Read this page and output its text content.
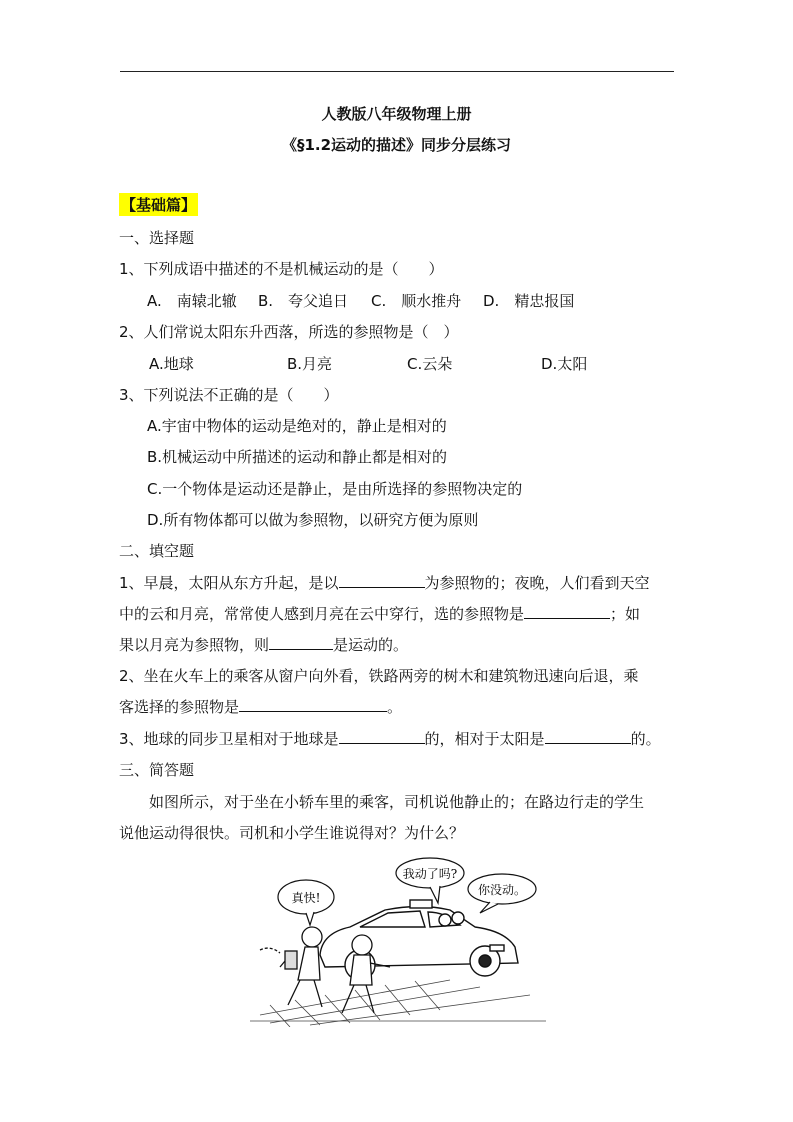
人教版八年级物理上册
《§1.2运动的描述》同步分层练习
【基础篇】
一、选择题
1、下列成语中描述的不是机械运动的是（　　）
A.　南辕北辙 B.　夸父追日 C.　顺水推舟 D.　精忠报国
2、人们常说太阳东升西落，所选的参照物是（　）
A.地球	B.月亮	C.云朵	D.太阳
3、下列说法不正确的是（　　）
A.宇宙中物体的运动是绝对的，静止是相对的
B.机械运动中所描述的运动和静止都是相对的
C.一个物体是运动还是静止，是由所选择的参照物决定的
D.所有物体都可以做为参照物，以研究方便为原则
二、填空题
1、早晨，太阳从东方升起，是以	为参照物的；夜晚，人们看到天空
中的云和月亮，常常使人感到月亮在云中穿行，选的参照物是	；如
果以月亮为参照物，则	是运动的。
2、坐在火车上的乘客从窗户向外看，铁路两旁的树木和建筑物迅速向后退，乘
客选择的参照物是	。
3、地球的同步卫星相对于地球是	的，相对于太阳是	的。
三、简答题
　　如图所示，对于坐在小轿车里的乘客，司机说他静止的；在路边行走的学生
说他运动得很快。司机和小学生谁说得对？为什么？
真快!
我动了吗?
你没动。
